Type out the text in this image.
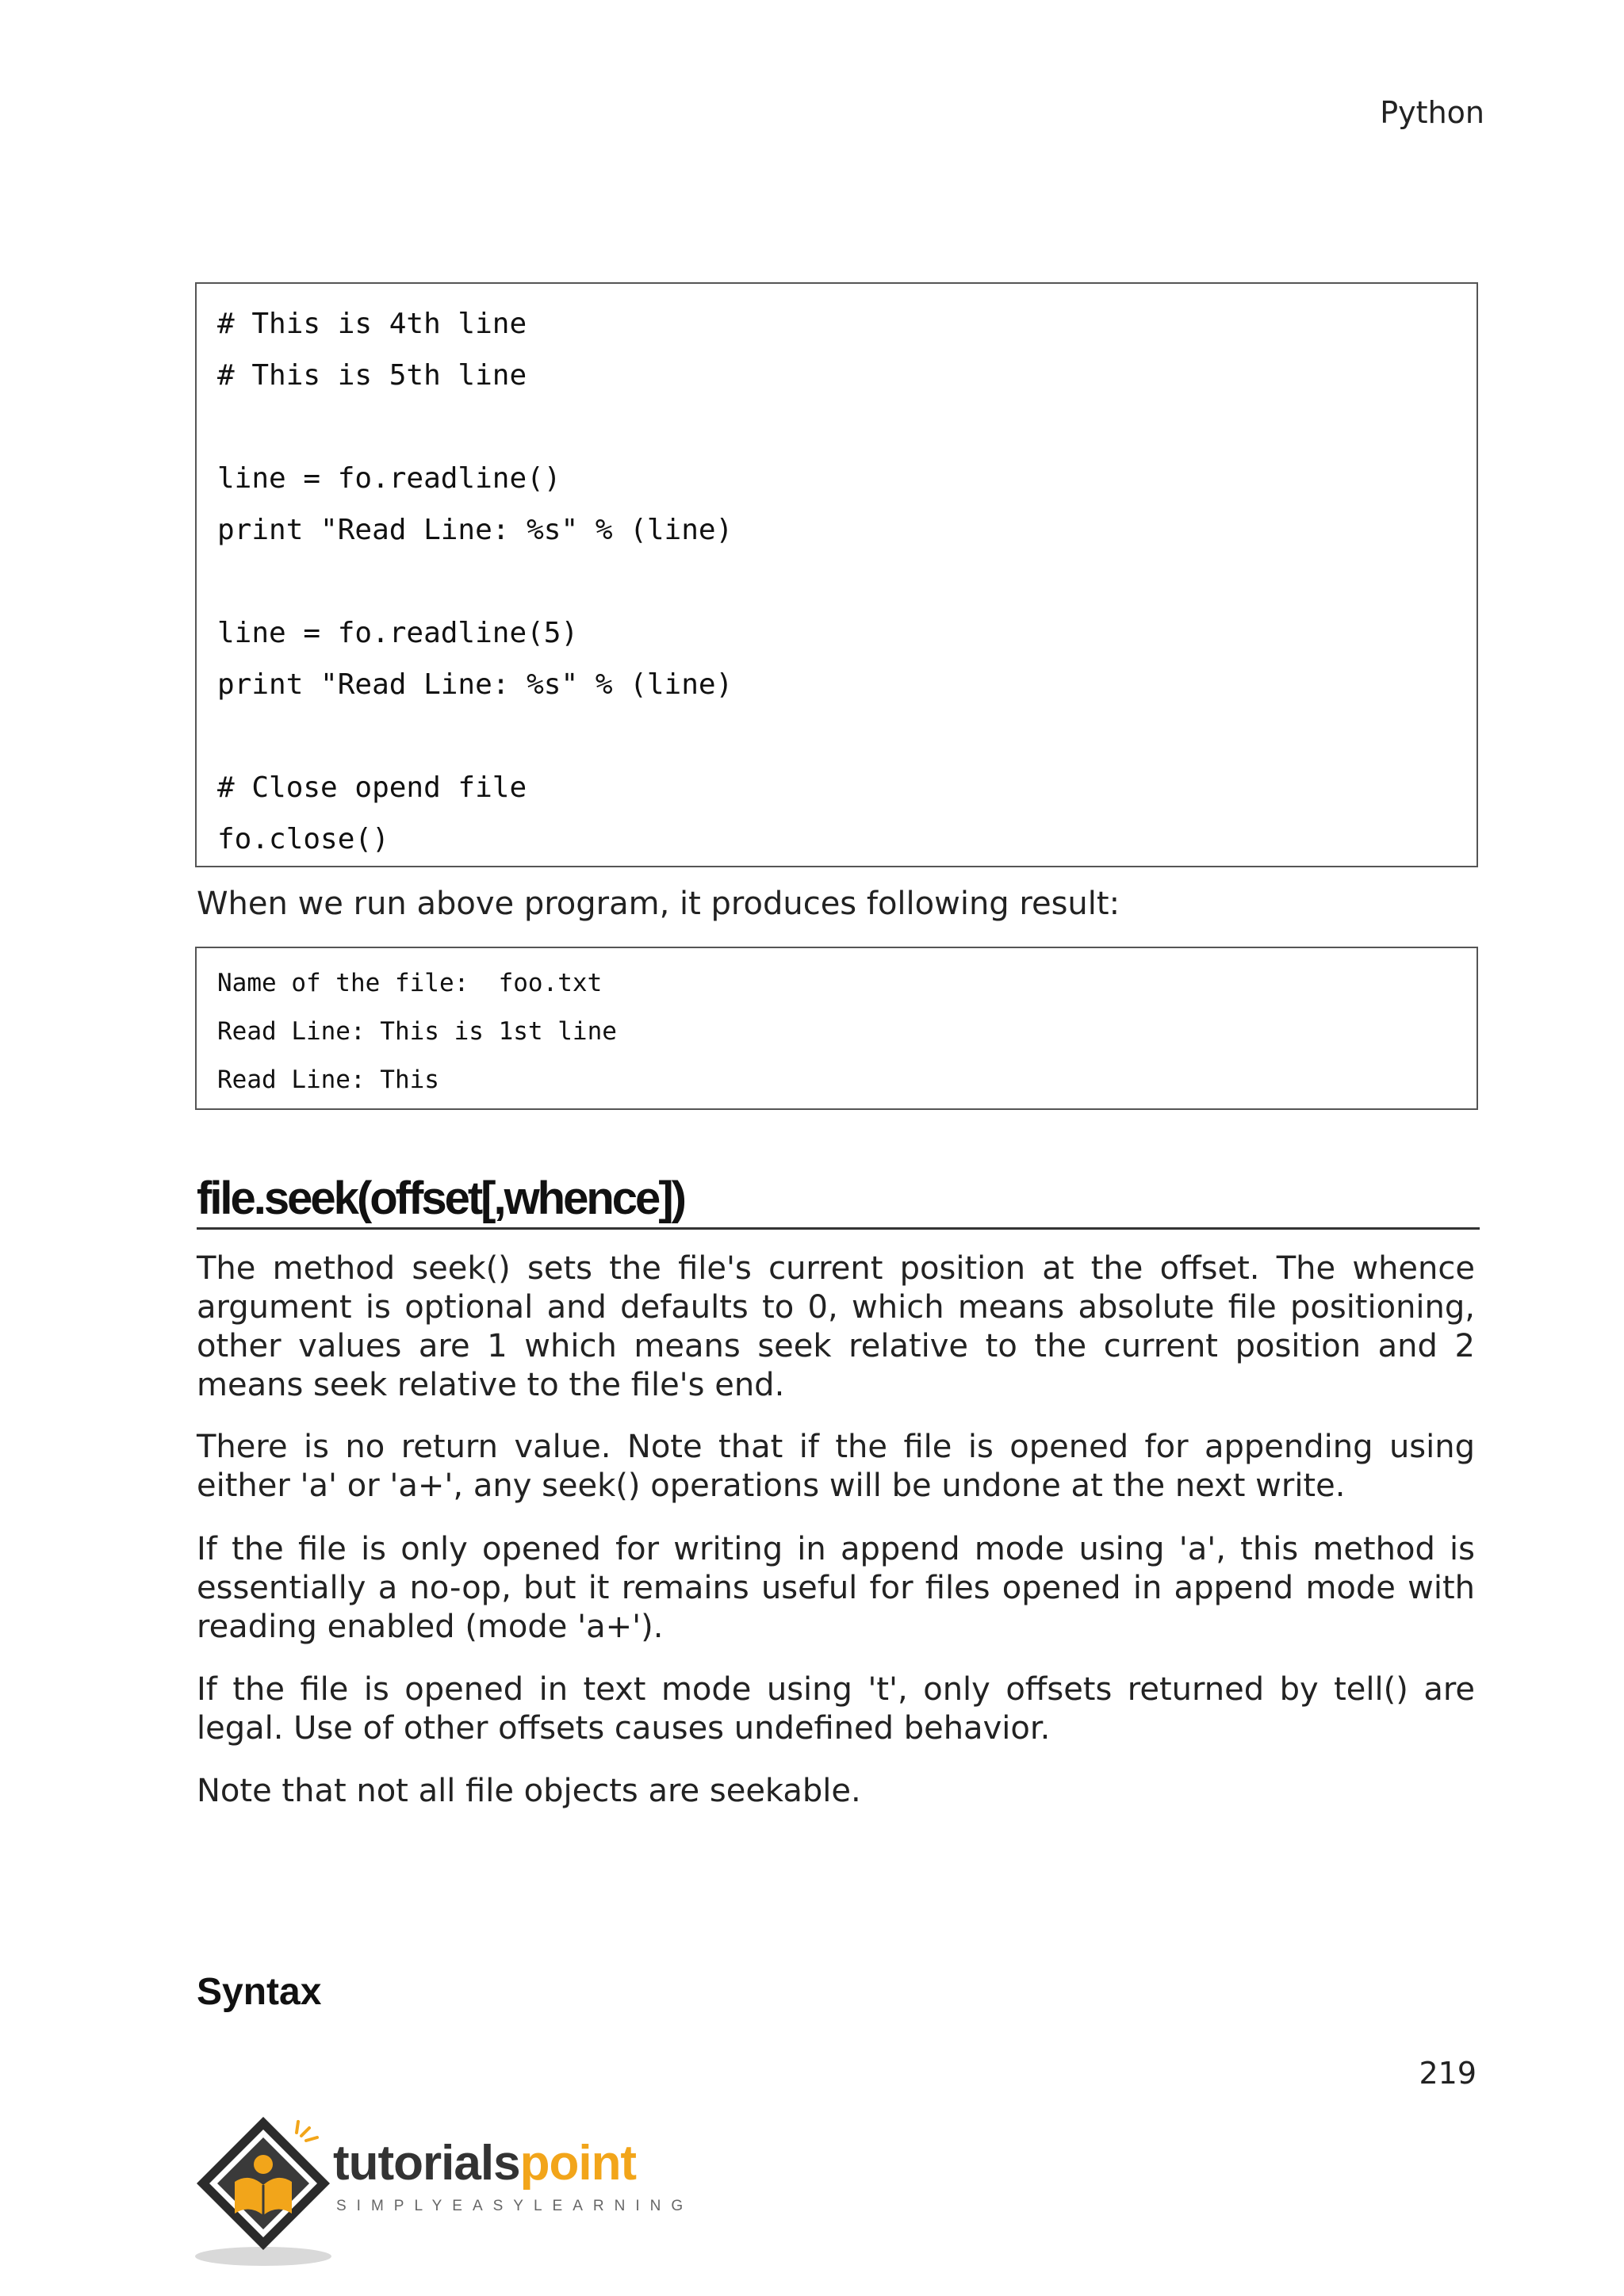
Python
# This is 4th line
# This is 5th line
line = fo.readline()
print "Read Line: %s" % (line)
line = fo.readline(5)
print "Read Line: %s" % (line)
# Close opend file
fo.close()
When we run above program, it produces following result:
Name of the file:  foo.txt
Read Line: This is 1st line
Read Line: This
file.seek(offset[,whence])
The method seek() sets the file's current position at the offset. The whence argument is optional and defaults to 0, which means absolute file positioning, other values are 1 which means seek relative to the current position and 2 means seek relative to the file's end.
There is no return value. Note that if the file is opened for appending using either 'a' or 'a+', any seek() operations will be undone at the next write.
If the file is only opened for writing in append mode using 'a', this method is essentially a no-op, but it remains useful for files opened in append mode with reading enabled (mode 'a+').
If the file is opened in text mode using 't', only offsets returned by tell() are legal. Use of other offsets causes undefined behavior.
Note that not all file objects are seekable.
Syntax
219
tutorialspoint
SIMPLYEASYLEARNING
